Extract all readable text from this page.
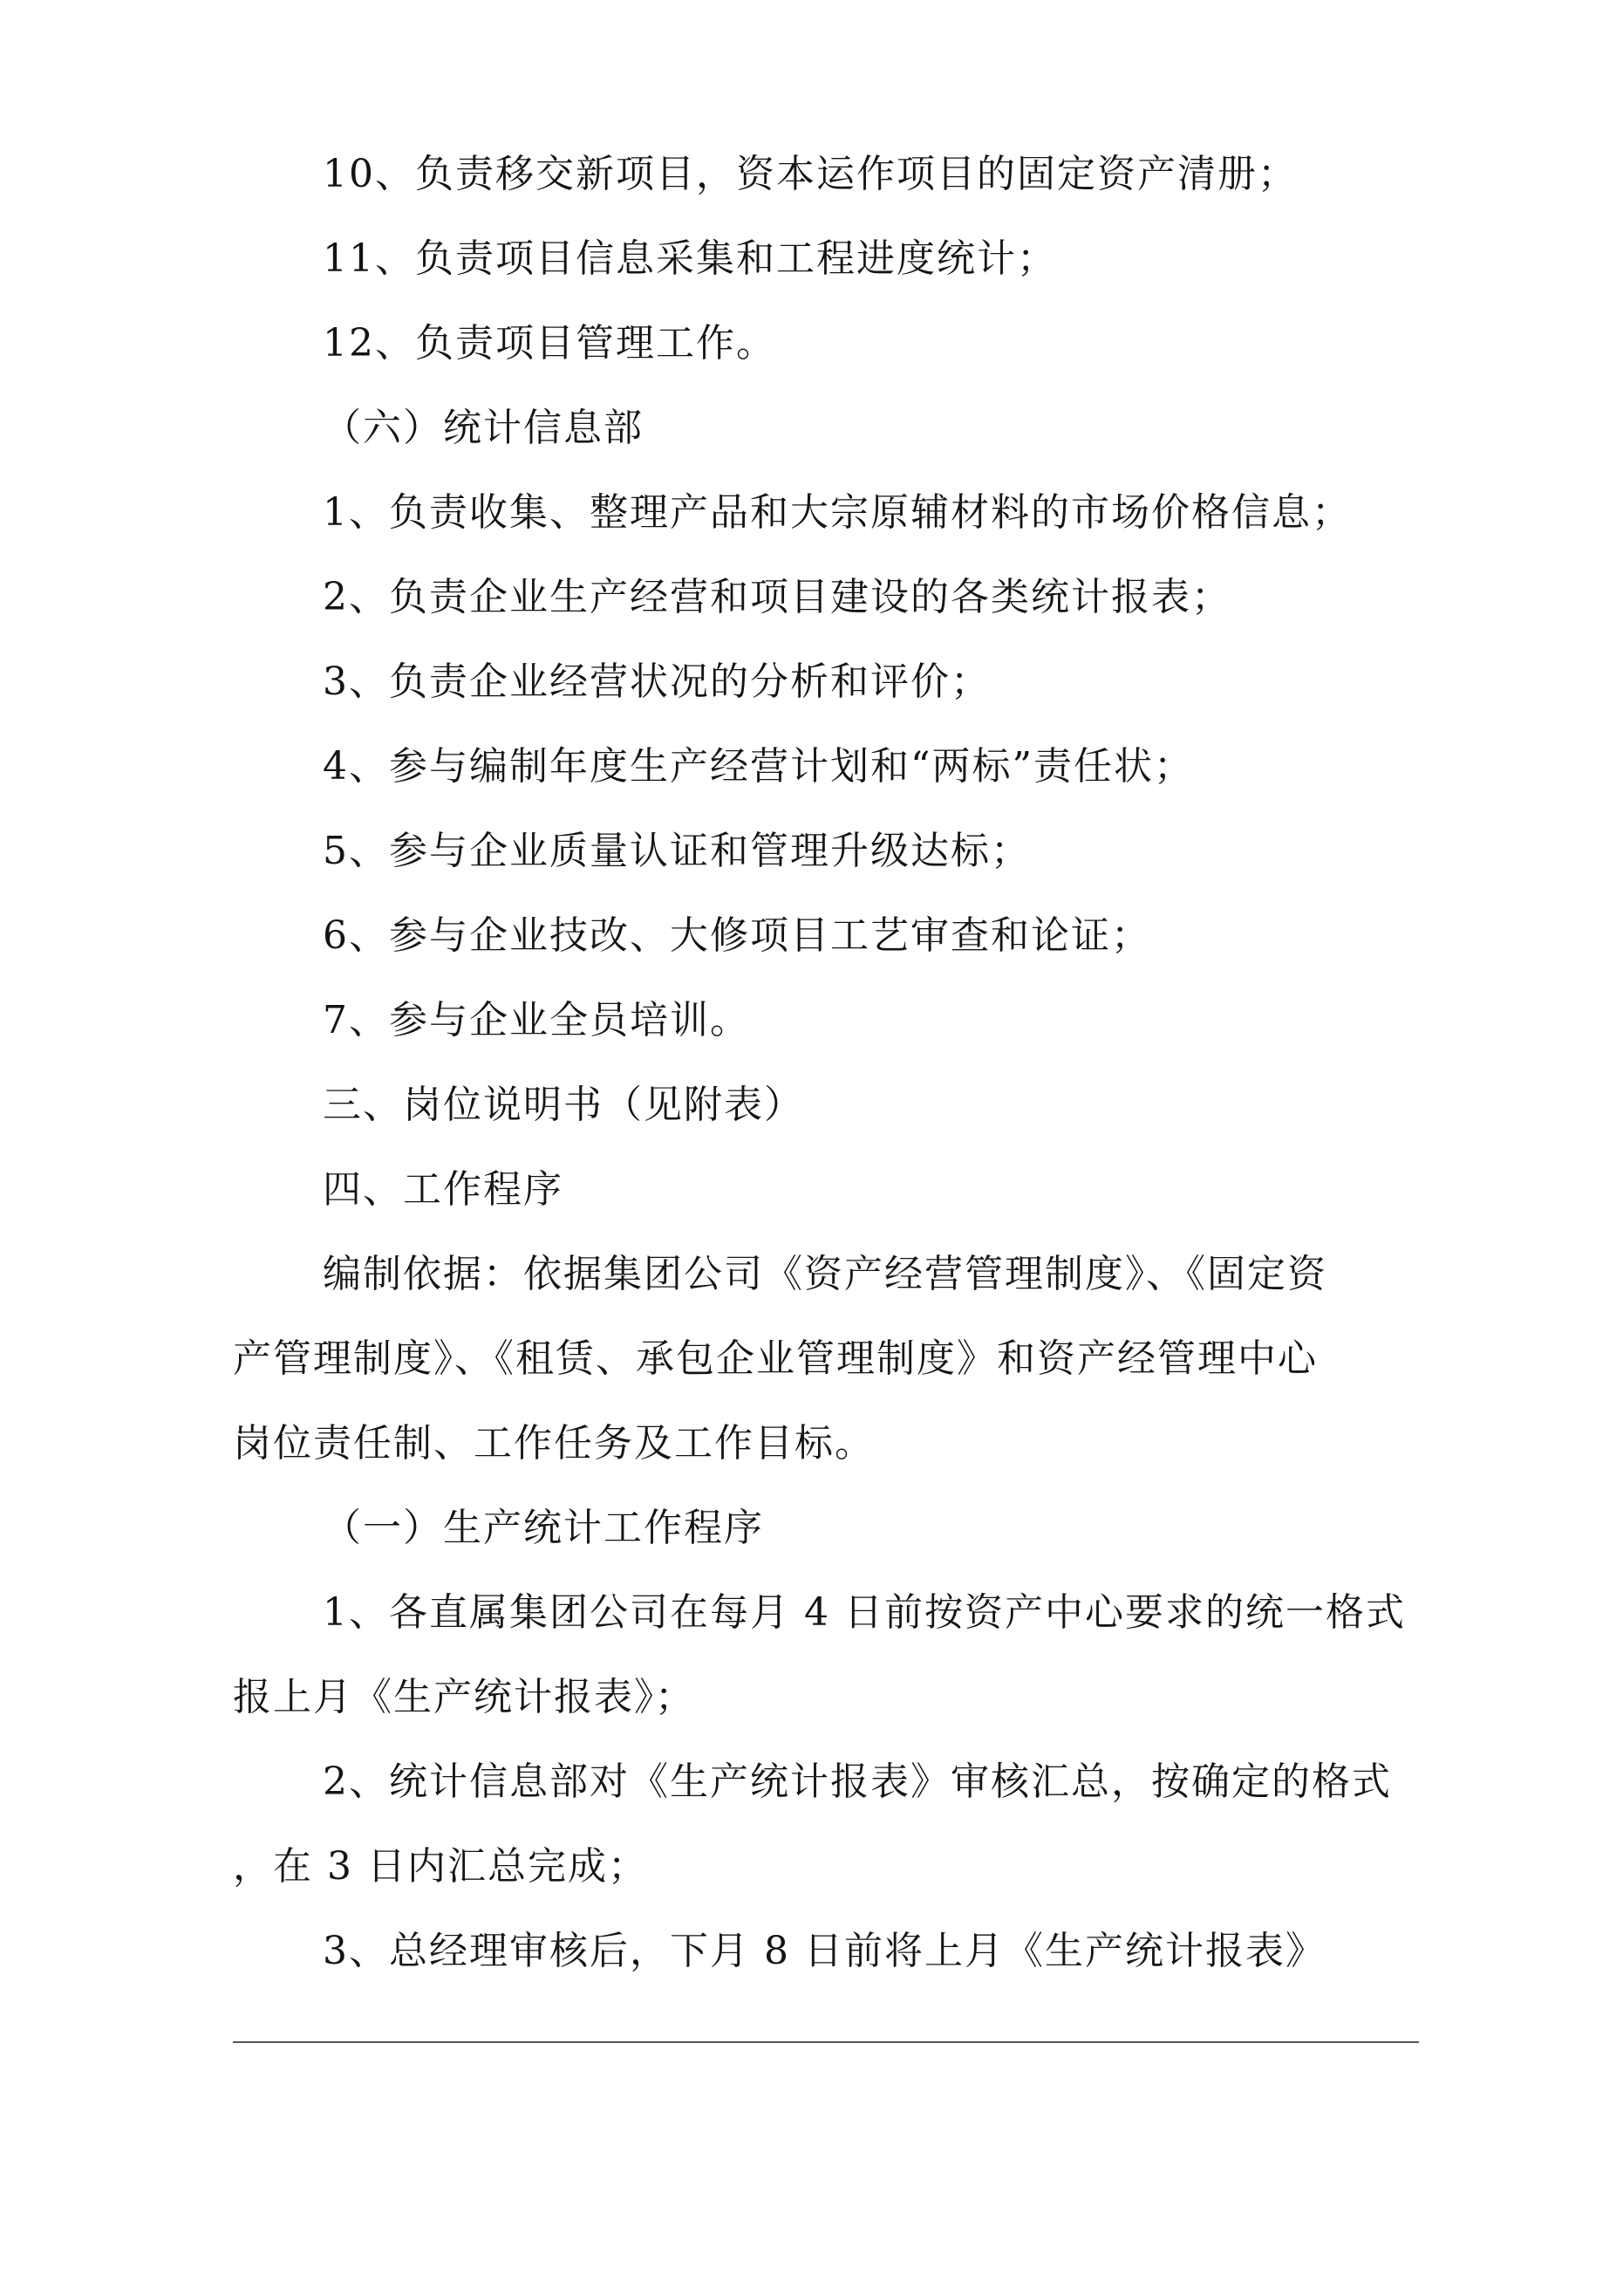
10、负责移交新项目，资本运作项目的固定资产清册；
11、负责项目信息采集和工程进度统计；
12、负责项目管理工作。
（六）统计信息部
1、负责收集、整理产品和大宗原辅材料的市场价格信息；
2、负责企业生产经营和项目建设的各类统计报表；
3、负责企业经营状况的分析和评价；
4、参与编制年度生产经营计划和“两标”责任状；
5、参与企业质量认证和管理升级达标；
6、参与企业技改、大修项目工艺审查和论证；
7、参与企业全员培训。
三、岗位说明书（见附表）
四、工作程序
编制依据：依据集团公司《资产经营管理制度》、《固定资
产管理制度》、《租赁、承包企业管理制度》和资产经管理中心
岗位责任制、工作任务及工作目标。
（一）生产统计工作程序
1、各直属集团公司在每月 4 日前按资产中心要求的统一格式
报上月《生产统计报表》；
2、统计信息部对《生产统计报表》审核汇总，按确定的格式
，在 3 日内汇总完成；
3、总经理审核后，下月 8 日前将上月《生产统计报表》
